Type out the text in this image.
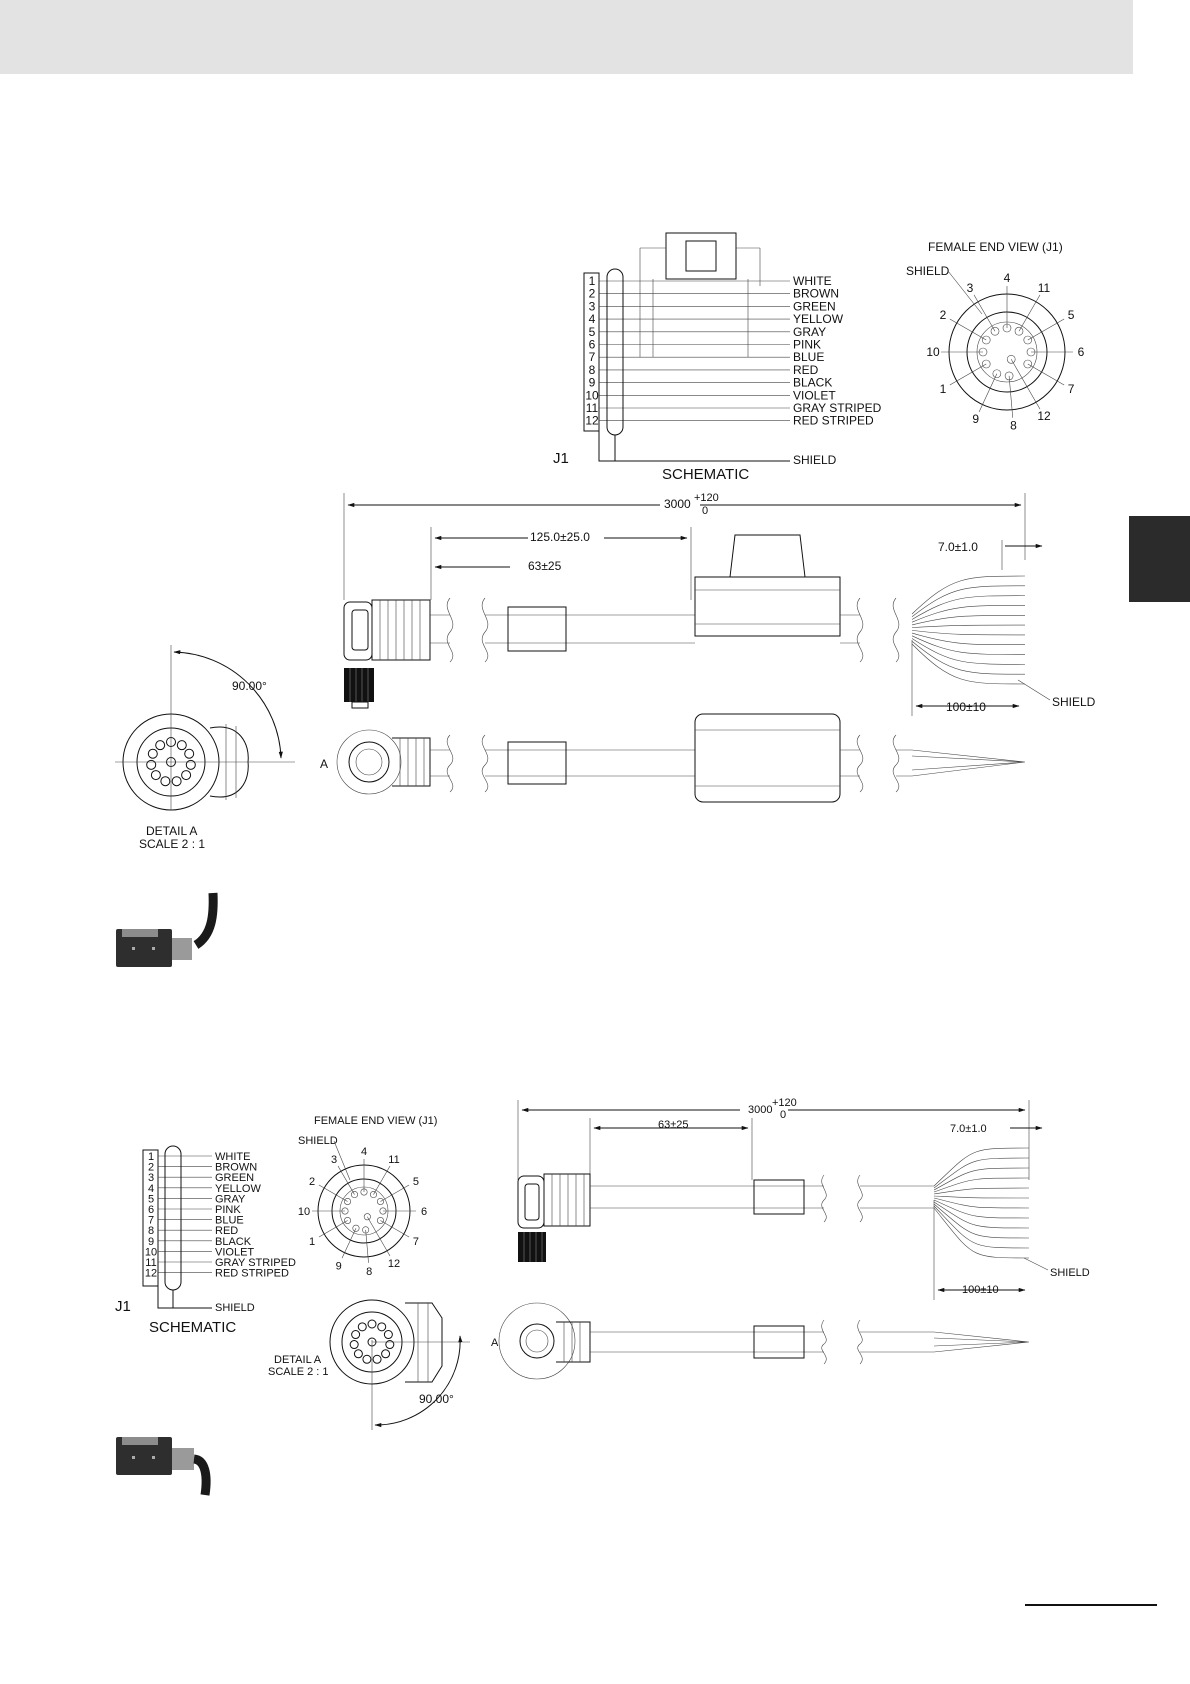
1
2
3
4
5
6
7
8
9
10
11
12
WHITE
BROWN
GREEN
YELLOW
GRAY
PINK
BLUE
RED
BLACK
VIOLET
GRAY STRIPED
RED STRIPED
J1
SCHEMATIC
SHIELD
FEMALE END VIEW (J1)
1
2
3
4
5
6
7
8
9
10
11
12
SHIELD
3000 +120
0
125.0±25.0
63±25
7.0±1.0
100±10	SHIELD
A
90.00°
DETAIL A
SCALE 2 : 1
1
2
3
4
5
6
7
8
9
10
11
12
WHITE
BROWN
GREEN
YELLOW
GRAY
PINK
BLUE
RED
BLACK
VIOLET
GRAY STRIPED
RED STRIPED
J1
SCHEMATIC
SHIELD
FEMALE END VIEW (J1)
1
2
3
4
5
6
7
8
9
10
11
12
SHIELD
90.00°
DETAIL A
SCALE 2 : 1
3000
+120
0
63±25	7.0±1.0
100±10
SHIELD
A
